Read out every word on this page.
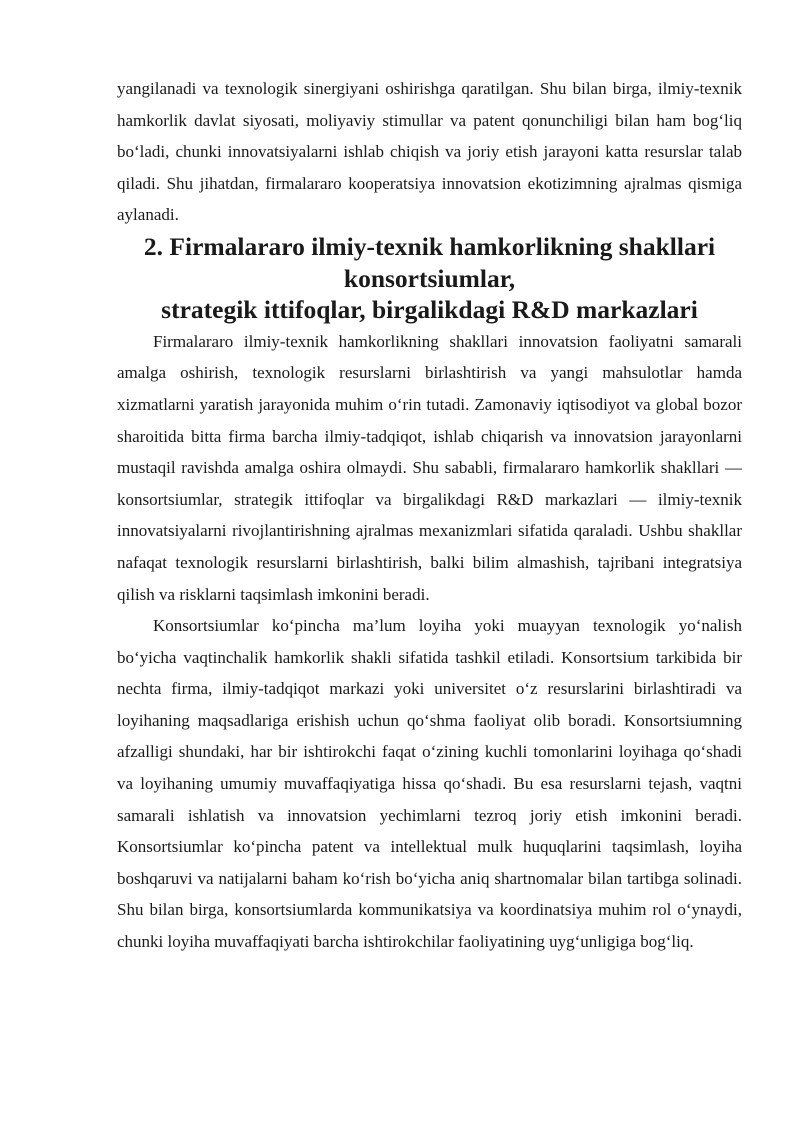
yangilanadi va texnologik sinergiyani oshirishga qaratilgan. Shu bilan birga, ilmiy-texnik hamkorlik davlat siyosati, moliyaviy stimullar va patent qonunchiligi bilan ham bog‘liq bo‘ladi, chunki innovatsiyalarni ishlab chiqish va joriy etish jarayoni katta resurslar talab qiladi. Shu jihatdan, firmalararo kooperatsiya innovatsion ekotizimning ajralmas qismiga aylanadi.

2. Firmalararo ilmiy-texnik hamkorlikning shakllari konsortsiumlar,
strategik ittifoqlar, birgalikdagi R&D markazlari

Firmalararo ilmiy-texnik hamkorlikning shakllari innovatsion faoliyatni samarali amalga oshirish, texnologik resurslarni birlashtirish va yangi mahsulotlar hamda xizmatlarni yaratish jarayonida muhim o‘rin tutadi. Zamonaviy iqtisodiyot va global bozor sharoitida bitta firma barcha ilmiy-tadqiqot, ishlab chiqarish va innovatsion jarayonlarni mustaqil ravishda amalga oshira olmaydi. Shu sababli, firmalararo hamkorlik shakllari — konsortsiumlar, strategik ittifoqlar va birgalikdagi R&D markazlari — ilmiy-texnik innovatsiyalarni rivojlantirishning ajralmas mexanizmlari sifatida qaraladi. Ushbu shakllar nafaqat texnologik resurslarni birlashtirish, balki bilim almashish, tajribani integratsiya qilish va risklarni taqsimlash imkonini beradi.

Konsortsiumlar ko‘pincha ma’lum loyiha yoki muayyan texnologik yo‘nalish bo‘yicha vaqtinchalik hamkorlik shakli sifatida tashkil etiladi. Konsortsium tarkibida bir nechta firma, ilmiy-tadqiqot markazi yoki universitet o‘z resurslarini birlashtiradi va loyihaning maqsadlariga erishish uchun qo‘shma faoliyat olib boradi. Konsortsiumning afzalligi shundaki, har bir ishtirokchi faqat o‘zining kuchli tomonlarini loyihaga qo‘shadi va loyihaning umumiy muvaffaqiyatiga hissa qo‘shadi. Bu esa resurslarni tejash, vaqtni samarali ishlatish va innovatsion yechimlarni tezroq joriy etish imkonini beradi. Konsortsiumlar ko‘pincha patent va intellektual mulk huquqlarini taqsimlash, loyiha boshqaruvi va natijalarni baham ko‘rish bo‘yicha aniq shartnomalar bilan tartibga solinadi. Shu bilan birga, konsortsiumlarda kommunikatsiya va koordinatsiya muhim rol o‘ynaydi, chunki loyiha muvaffaqiyati barcha ishtirokchilar faoliyatining uyg‘unligiga bog‘liq.
